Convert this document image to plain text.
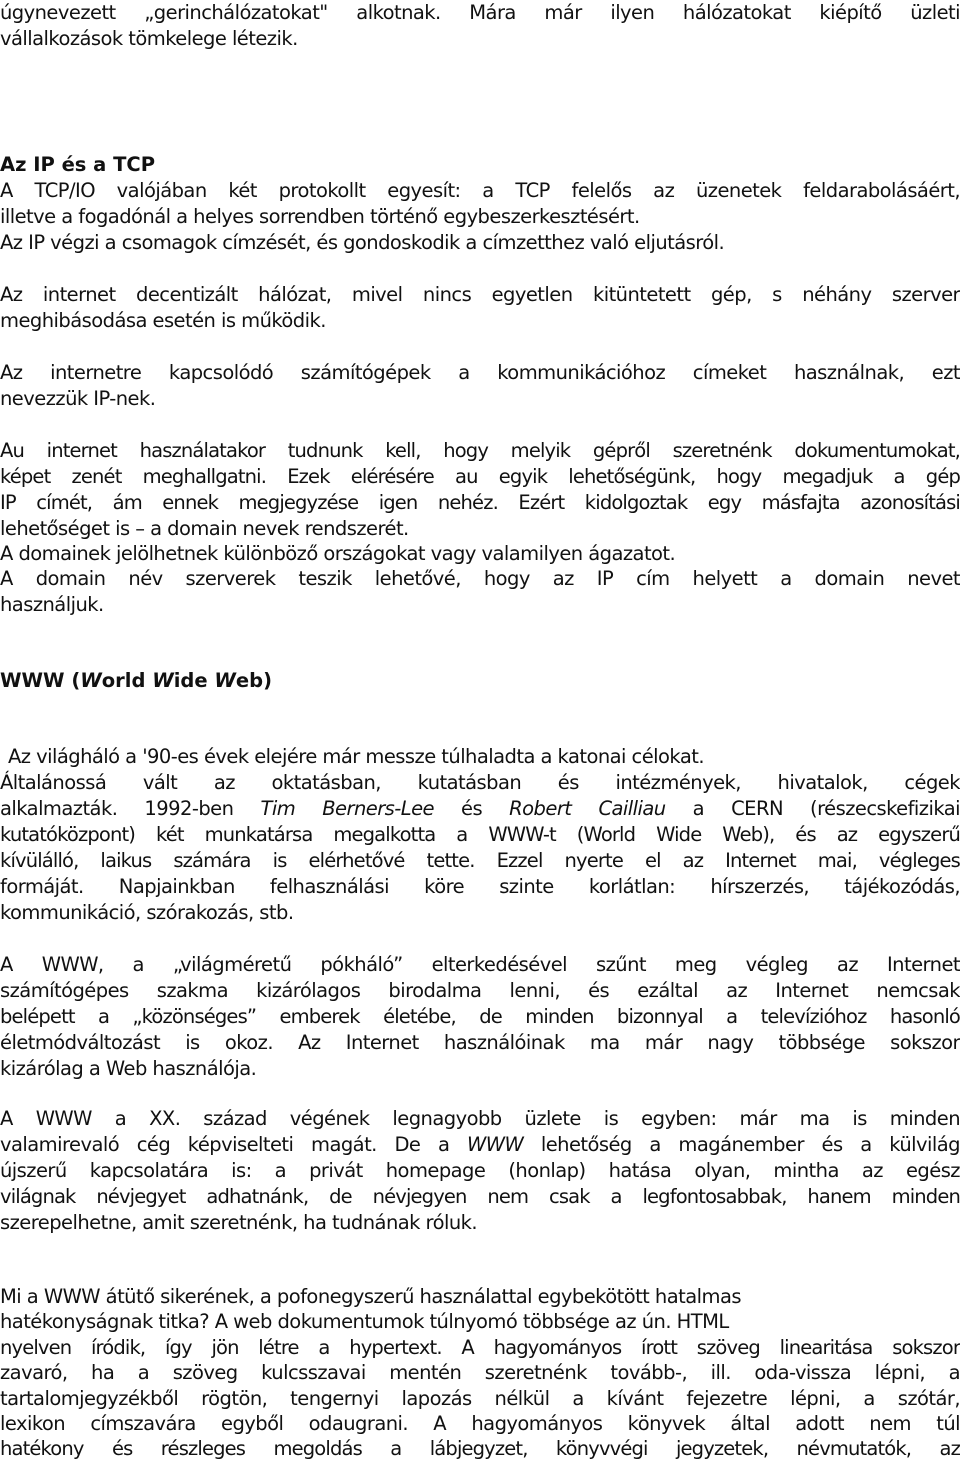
úgynevezett „gerinchálózatokat" alkotnak. Mára már ilyen hálózatokat kiépítő üzleti
vállalkozások tömkelege létezik.
Az IP és a TCP
A TCP/IO valójában két protokollt egyesít: a TCP felelős az üzenetek feldarabolásáért,
illetve a fogadónál a helyes sorrendben történő egybeszerkesztésért.
Az IP végzi a csomagok címzését, és gondoskodik a címzetthez való eljutásról.
Az internet decentizált hálózat, mivel nincs egyetlen kitüntetett gép, s néhány szerver
meghibásodása esetén is működik.
Az internetre kapcsolódó számítógépek a kommunikációhoz címeket használnak, ezt
nevezzük IP-nek.
Au internet használatakor tudnunk kell, hogy melyik gépről szeretnénk dokumentumokat,
képet zenét meghallgatni. Ezek elérésére au egyik lehetőségünk, hogy megadjuk a gép
IP címét, ám ennek megjegyzése igen nehéz. Ezért kidolgoztak egy másfajta azonosítási
lehetőséget is – a domain nevek rendszerét.
A domainek jelölhetnek különböző országokat vagy valamilyen ágazatot.
A domain név szerverek teszik lehetővé, hogy az IP cím helyett a domain nevet
használjuk.
WWW (World Wide Web)
Az világháló a '90-es évek elejére már messze túlhaladta a katonai célokat.
Általánossá vált az oktatásban, kutatásban és intézmények, hivatalok, cégek
alkalmazták. 1992-ben Tim Berners-Lee és Robert Cailliau a CERN (részecskefizikai
kutatóközpont) két munkatársa megalkotta a WWW-t (World Wide Web), és az egyszerű
kívülálló, laikus számára is elérhetővé tette. Ezzel nyerte el az Internet mai, végleges
formáját. Napjainkban felhasználási köre szinte korlátlan: hírszerzés, tájékozódás,
kommunikáció, szórakozás, stb.
A WWW, a „világméretű pókháló” elterkedésével szűnt meg végleg az Internet
számítógépes szakma kizárólagos birodalma lenni, és ezáltal az Internet nemcsak
belépett a „közönséges” emberek életébe, de minden bizonnyal a televízióhoz hasonló
életmódváltozást is okoz. Az Internet használóinak ma már nagy többsége sokszor
kizárólag a Web használója.
A WWW a XX. század végének legnagyobb üzlete is egyben: már ma is minden
valamirevaló cég képviselteti magát. De a WWW lehetőség a magánember és a külvilág
újszerű kapcsolatára is: a privát homepage (honlap) hatása olyan, mintha az egész
világnak névjegyet adhatnánk, de névjegyen nem csak a legfontosabbak, hanem minden
szerepelhetne, amit szeretnénk, ha tudnának róluk.
Mi a WWW átütő sikerének, a pofonegyszerű használattal egybekötött hatalmas
hatékonyságnak titka? A web dokumentumok túlnyomó többsége az ún. HTML
nyelven íródik, így jön létre a hypertext. A hagyományos írott szöveg linearitása sokszor
zavaró, ha a szöveg kulcsszavai mentén szeretnénk tovább-, ill. oda-vissza lépni, a
tartalomjegyzékből rögtön, tengernyi lapozás nélkül a kívánt fejezetre lépni, a szótár,
lexikon címszavára egyből odaugrani. A hagyományos könyvek által adott nem túl
hatékony és részleges megoldás a lábjegyzet, könyvvégi jegyzetek, névmutatók, az
